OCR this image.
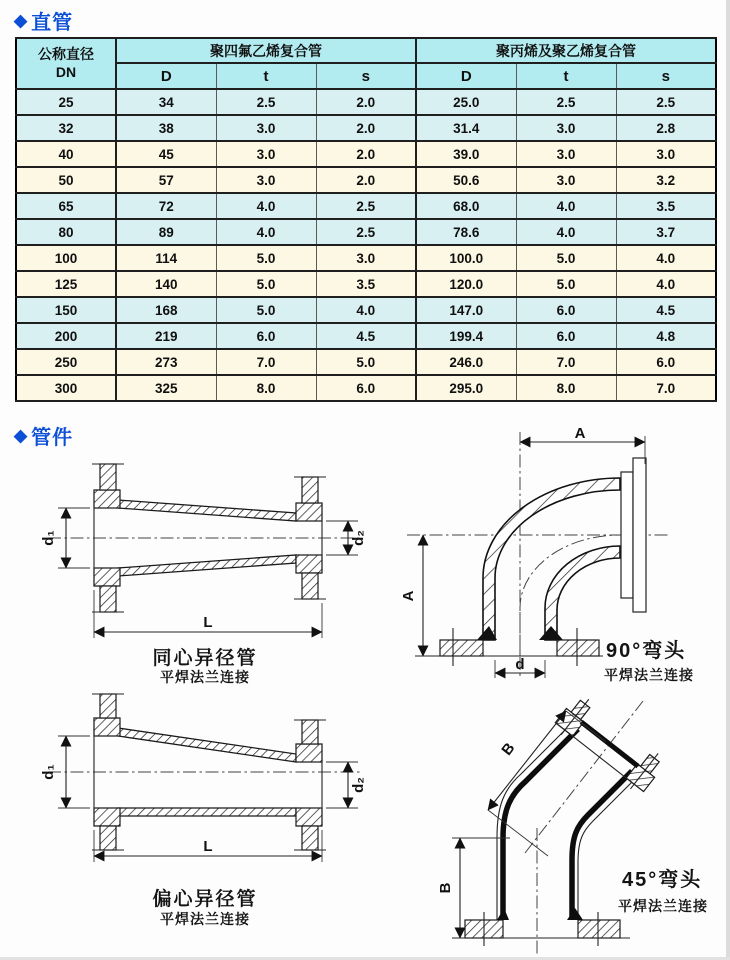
◆ 直管
公称直径
DN	聚四氟乙烯复合管			聚丙烯及聚乙烯复合管		
	D	t	s	D	t	s
25	34	2.5	2.0	25.0	2.5	2.5
32	38	3.0	2.0	31.4	3.0	2.8
40	45	3.0	2.0	39.0	3.0	3.0
50	57	3.0	2.0	50.6	3.0	3.2
65	72	4.0	2.5	68.0	4.0	3.5
80	89	4.0	2.5	78.6	4.0	3.7
100	114	5.0	3.0	100.0	5.0	4.0
125	140	5.0	3.5	120.0	5.0	4.0
150	168	5.0	4.0	147.0	6.0	4.5
200	219	6.0	4.5	199.4	6.0	4.8
250	273	7.0	5.0	246.0	7.0	6.0
300	325	8.0	6.0	295.0	8.0	7.0
◆ 管件
d₁	d₂
L
A
A
d
d₁
d₂
L
B
B
同心异径管
平焊法兰连接
90°弯头
平焊法兰连接
偏心异径管
平焊法兰连接
45°弯头
平焊法兰连接
